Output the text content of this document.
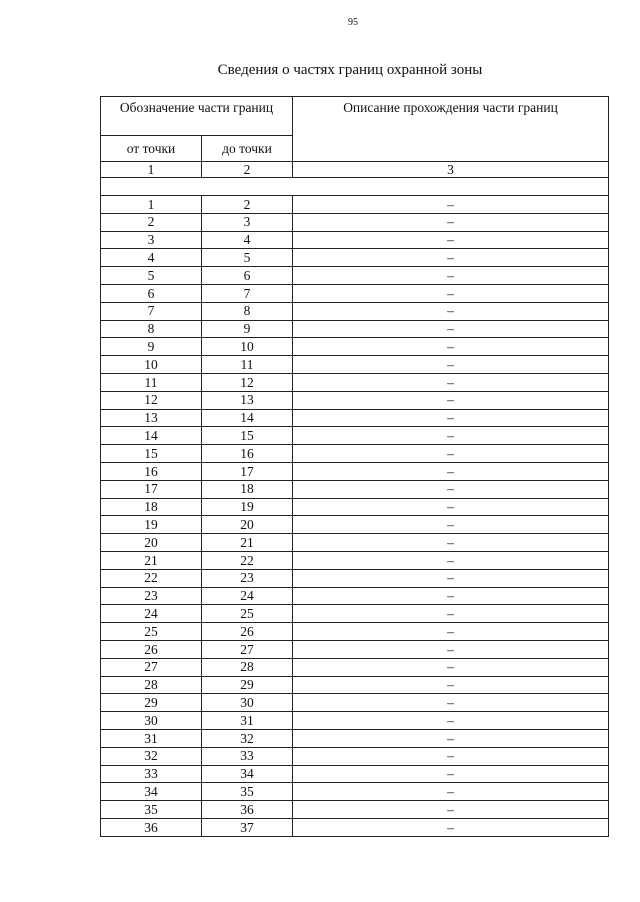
95
Сведения о частях границ охранной зоны
Обозначение части границ		Описание прохождения части границ
от точки	до точки	
1	2	3

1	2	–
2	3	–
3	4	–
4	5	–
5	6	–
6	7	–
7	8	–
8	9	–
9	10	–
10	11	–
11	12	–
12	13	–
13	14	–
14	15	–
15	16	–
16	17	–
17	18	–
18	19	–
19	20	–
20	21	–
21	22	–
22	23	–
23	24	–
24	25	–
25	26	–
26	27	–
27	28	–
28	29	–
29	30	–
30	31	–
31	32	–
32	33	–
33	34	–
34	35	–
35	36	–
36	37	–
